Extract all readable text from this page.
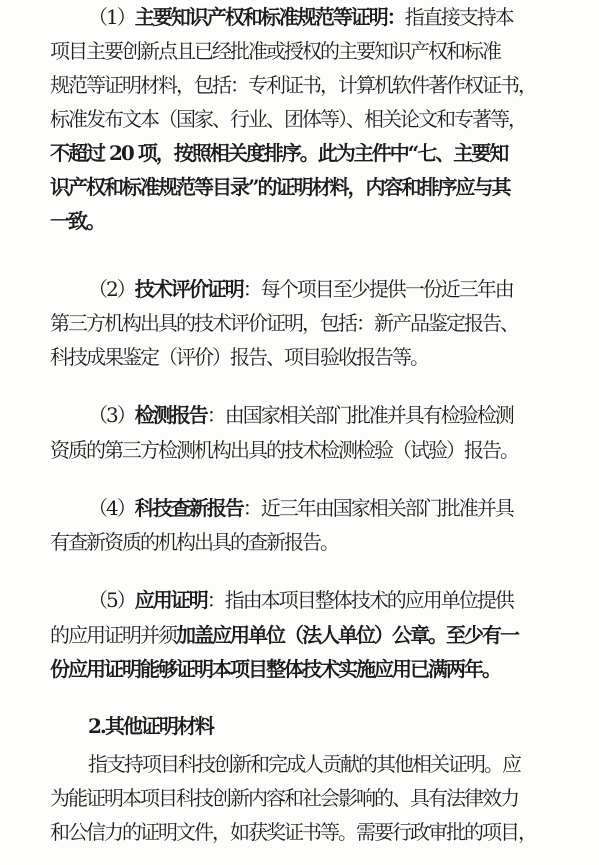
（1）主要知识产权和标准规范等证明：指直接支持本
项目主要创新点且已经批准或授权的主要知识产权和标准
规范等证明材料，包括：专利证书，计算机软件著作权证书，
标准发布文本（国家、行业、团体等）、相关论文和专著等，
不超过 20 项，按照相关度排序。此为主件中“七、主要知
识产权和标准规范等目录”的证明材料，内容和排序应与其
一致。
（2）技术评价证明：每个项目至少提供一份近三年由
第三方机构出具的技术评价证明，包括：新产品鉴定报告、
科技成果鉴定（评价）报告、项目验收报告等。
（3）检测报告：由国家相关部门批准并具有检验检测
资质的第三方检测机构出具的技术检测检验（试验）报告。
（4）科技查新报告：近三年由国家相关部门批准并具
有查新资质的机构出具的查新报告。
（5）应用证明：指由本项目整体技术的应用单位提供
的应用证明并须加盖应用单位（法人单位）公章。至少有一
份应用证明能够证明本项目整体技术实施应用已满两年。
指支持项目科技创新和完成人贡献的其他相关证明。应
为能证明本项目科技创新内容和社会影响的、具有法律效力
和公信力的证明文件，如获奖证书等。需要行政审批的项目，
2.其他证明材料
